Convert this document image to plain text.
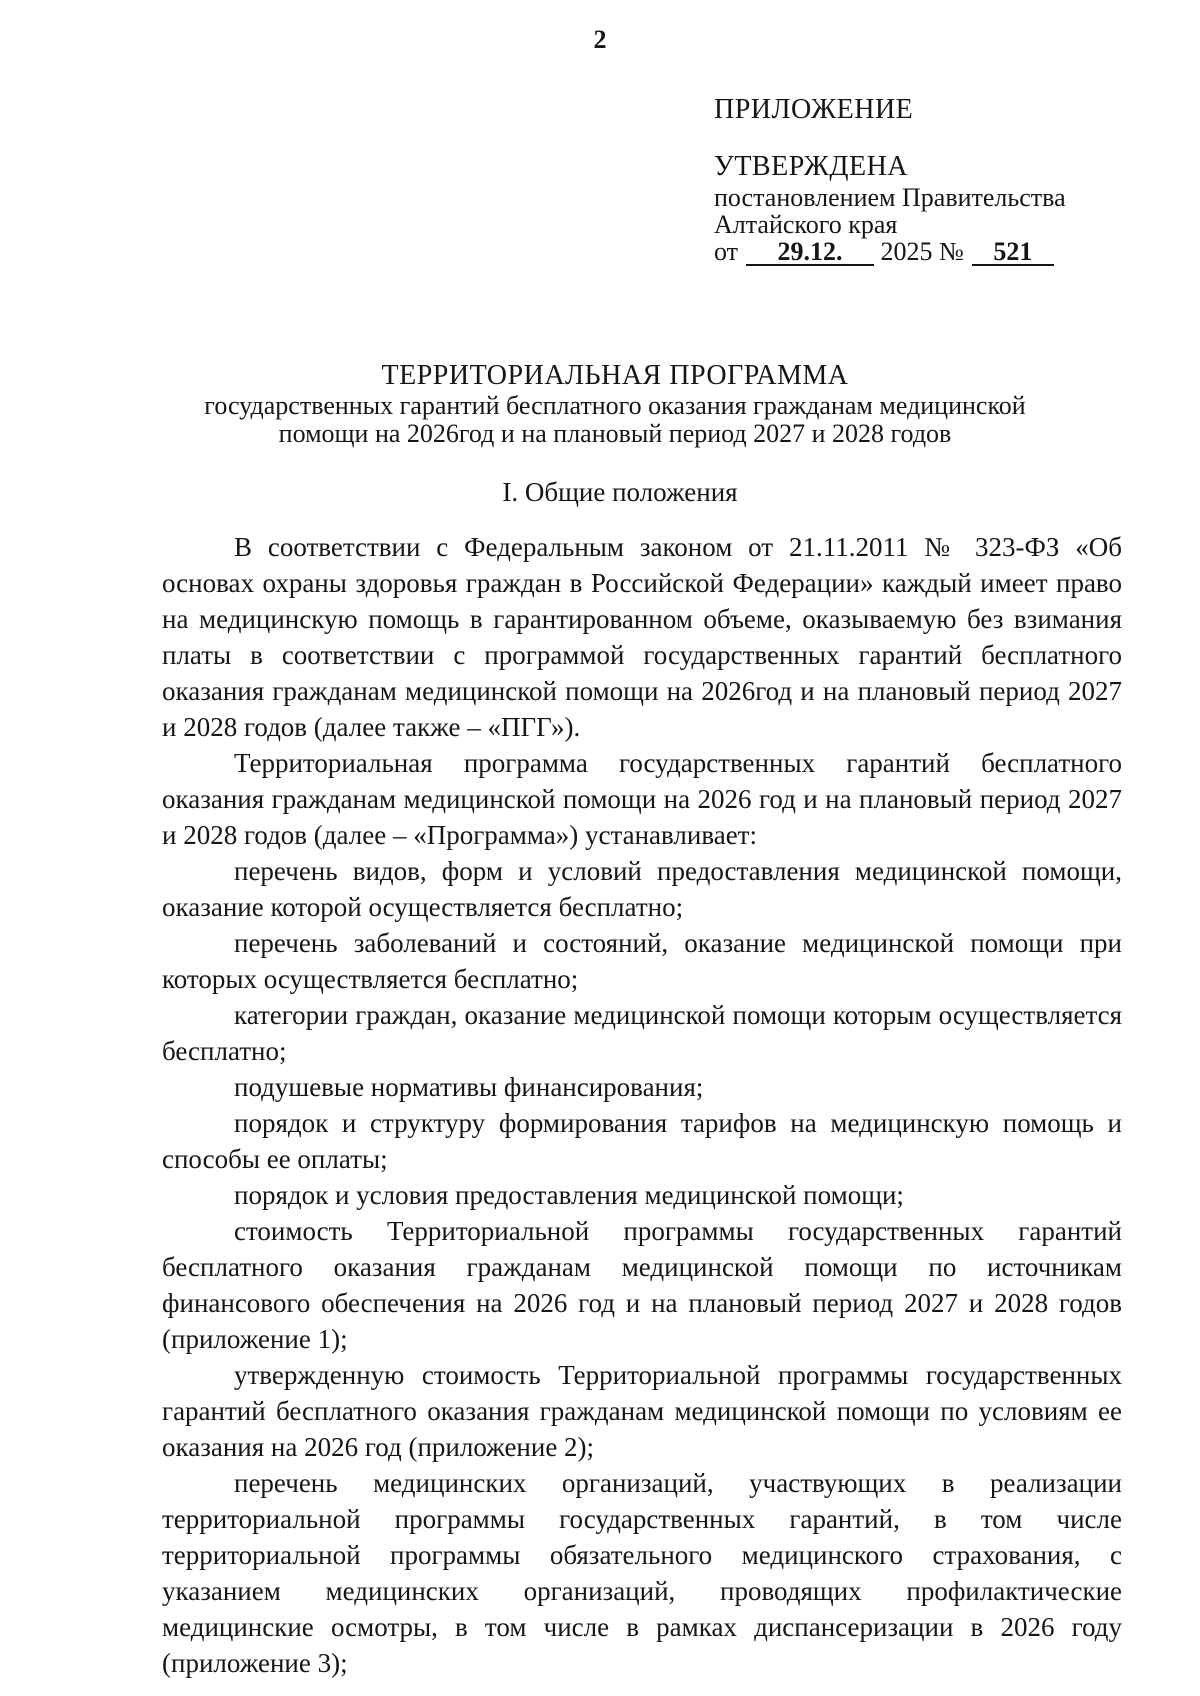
2
ПРИЛОЖЕНИЕ
УТВЕРЖДЕНА
постановлением Правительства
Алтайского края
от 29.12. 2025 № 521
ТЕРРИТОРИАЛЬНАЯ ПРОГРАММА
государственных гарантий бесплатного оказания гражданам медицинской
помощи на 2026год и на плановый период 2027 и 2028 годов
I. Общие положения

В соответствии с Федеральным законом от 21.11.2011 № 323-ФЗ «Об основах охраны здоровья граждан в Российской Федерации» каждый имеет право на медицинскую помощь в гарантированном объеме, оказываемую без взимания платы в соответствии с программой государственных гарантий бесплатного оказания гражданам медицинской помощи на 2026год и на плановый период 2027 и 2028 годов (далее также – «ПГГ»).

Территориальная программа государственных гарантий бесплатного оказания гражданам медицинской помощи на 2026 год и на плановый период 2027 и 2028 годов (далее – «Программа») устанавливает:

перечень видов, форм и условий предоставления медицинской помощи, оказание которой осуществляется бесплатно;

перечень заболеваний и состояний, оказание медицинской помощи при которых осуществляется бесплатно;

категории граждан, оказание медицинской помощи которым осуществляется бесплатно;

подушевые нормативы финансирования;

порядок и структуру формирования тарифов на медицинскую помощь и способы ее оплаты;

порядок и условия предоставления медицинской помощи;

стоимость Территориальной программы государственных гарантий бесплатного оказания гражданам медицинской помощи по источникам финансового обеспечения на 2026 год и на плановый период 2027 и 2028 годов (приложение 1);

утвержденную стоимость Территориальной программы государственных гарантий бесплатного оказания гражданам медицинской помощи по условиям ее оказания на 2026 год (приложение 2);

перечень медицинских организаций, участвующих в реализации территориальной программы государственных гарантий, в том числе территориальной программы обязательного медицинского страхования, с указанием медицинских организаций, проводящих профилактические медицинские осмотры, в том числе в рамках диспансеризации в 2026 году (приложение 3);
